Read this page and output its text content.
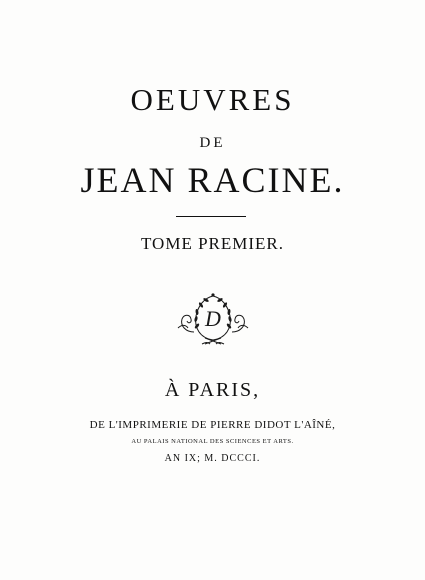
OEUVRES
DE
JEAN RACINE.
TOME PREMIER.
D
À PARIS,
DE L'IMPRIMERIE DE PIERRE DIDOT L'AÎNÉ,
AU PALAIS NATIONAL DES SCIENCES ET ARTS.
AN IX; M. DCCCI.
